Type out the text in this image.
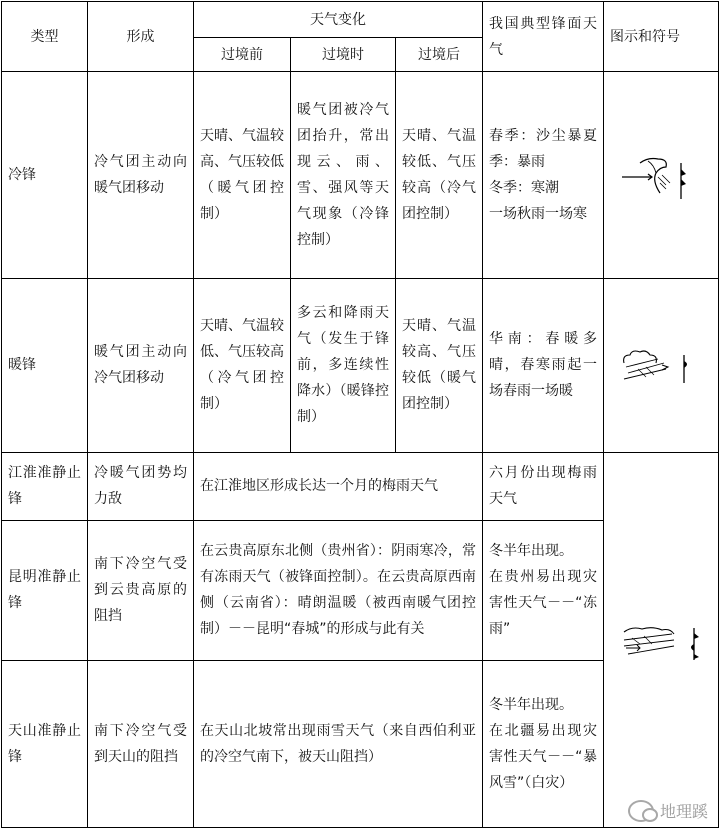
类型	形成	天气变化			我国典型锋面天气	图示和符号
		过境前	过境时	过境后		
冷锋	冷气团主动向暖气团移动	天晴、气温较高、气压较低（暖气团控制）	暖气团被冷气团抬升，常出现云、雨、雪、强风等天气现象（冷锋控制）	天晴、气温较低、气压较高（冷气团控制）	春季：沙尘暴夏季：暴雨
冬季：寒潮
一场秋雨一场寒

暖锋	暖气团主动向冷气团移动	天晴、气温较低、气压较高（冷气团控制）	多云和降雨天气（发生于锋前，多连续性降水）（暖锋控制）	天晴、气温较高、气压较低（暖气团控制）	华南：春暖多晴，春寒雨起一场春雨一场暖

江淮准静止锋	冷暖气团势均力敌	在江淮地区形成长达一个月的梅雨天气			六月份出现梅雨天气

昆明准静止锋	南下冷空气受到云贵高原的阻挡	在云贵高原东北侧（贵州省）：阴雨寒冷，常有冻雨天气（被锋面控制）。在云贵高原西南侧（云南省）：晴朗温暖（被西南暖气团控制）－－昆明“春城”的形成与此有关			冬半年出现。
在贵州易出现灾害性天气－－“冻雨”	

天山准静止锋	南下冷空气受到天山的阻挡	在天山北坡常出现雨雪天气（来自西伯利亚的冷空气南下，被天山阻挡）			冬半年出现。
在北疆易出现灾害性天气－－“暴风雪”（白灾）	
地理蹊
